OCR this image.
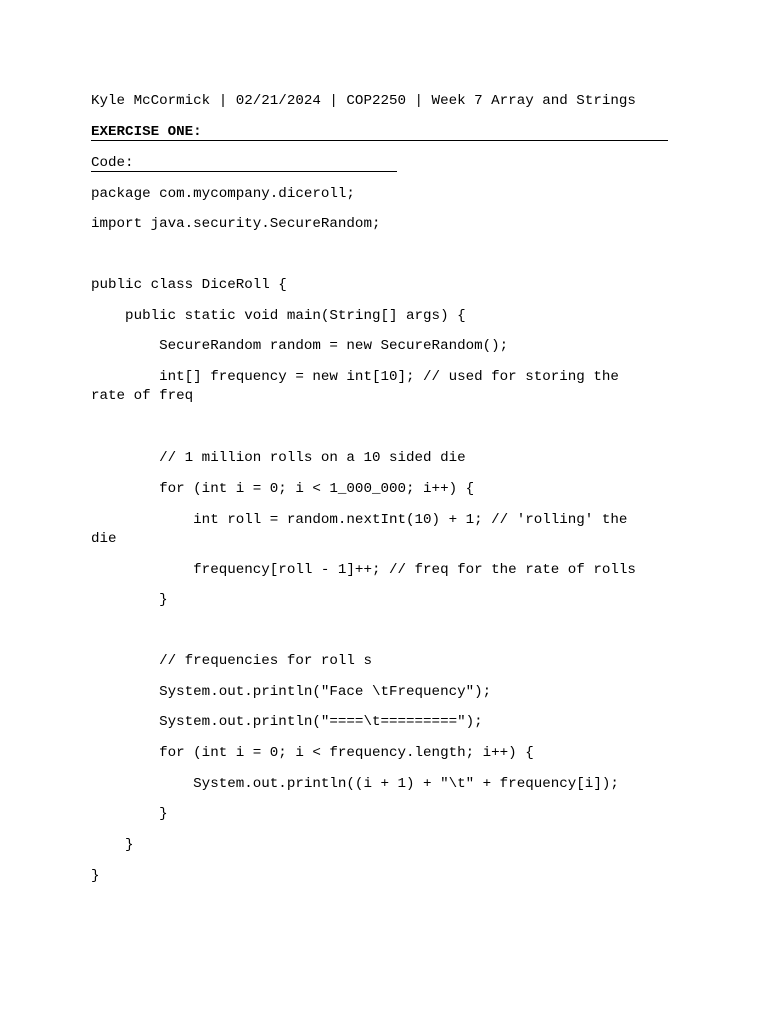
Kyle McCormick | 02/21/2024 | COP2250 | Week 7 Array and Strings
EXERCISE ONE:
Code:
package com.mycompany.diceroll;
import java.security.SecureRandom;
public class DiceRoll {
public static void main(String[] args) {
SecureRandom random = new SecureRandom();
int[] frequency = new int[10]; // used for storing the
rate of freq
// 1 million rolls on a 10 sided die
for (int i = 0; i < 1_000_000; i++) {
int roll = random.nextInt(10) + 1; // 'rolling' the
die
frequency[roll - 1]++; // freq for the rate of rolls
}
// frequencies for roll s
System.out.println("Face \tFrequency");
System.out.println("====\t=========");
for (int i = 0; i < frequency.length; i++) {
System.out.println((i + 1) + "\t" + frequency[i]);
}
}
}
